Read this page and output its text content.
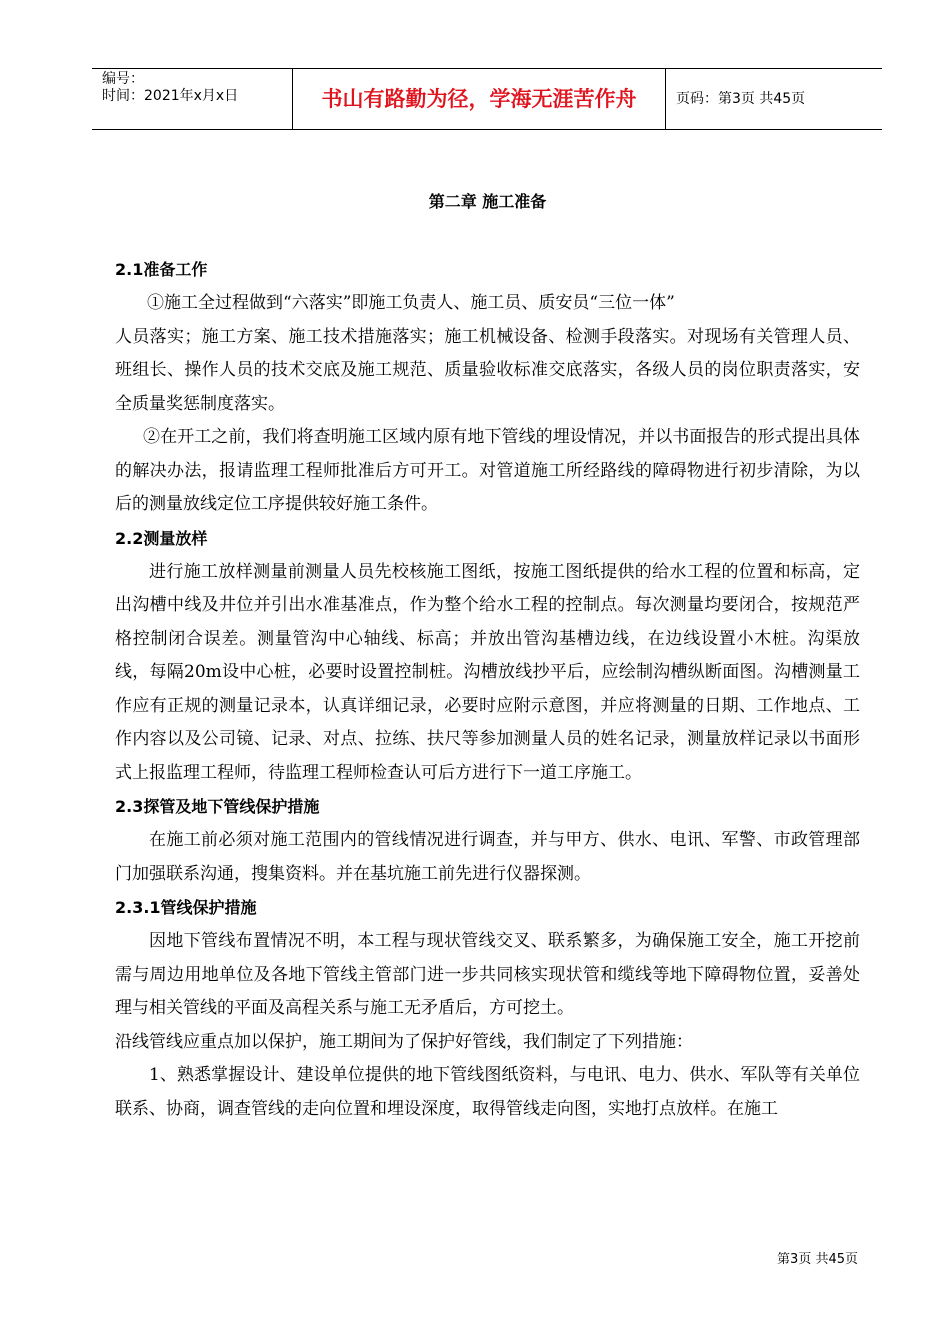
编号：
时间：2021年x月x日	书山有路勤为径，学海无涯苦作舟	页码：第3页 共45页
第二章 施工准备
2.1准备工作
①施工全过程做到“六落实”即施工负责人、施工员、质安员“三位一体”
人员落实；施工方案、施工技术措施落实；施工机械设备、检测手段落实。对现场有关管理人员、班组长、操作人员的技术交底及施工规范、质量验收标准交底落实，各级人员的岗位职责落实，安全质量奖惩制度落实。
②在开工之前，我们将查明施工区域内原有地下管线的埋设情况，并以书面报告的形式提出具体的解决办法，报请监理工程师批准后方可开工。对管道施工所经路线的障碍物进行初步清除，为以后的测量放线定位工序提供较好施工条件。
2.2测量放样
进行施工放样测量前测量人员先校核施工图纸，按施工图纸提供的给水工程的位置和标高，定出沟槽中线及井位并引出水准基准点，作为整个给水工程的控制点。每次测量均要闭合，按规范严格控制闭合误差。测量管沟中心轴线、标高；并放出管沟基槽边线，在边线设置小木桩。沟渠放线，每隔20m设中心桩，必要时设置控制桩。沟槽放线抄平后，应绘制沟槽纵断面图。沟槽测量工作应有正规的测量记录本，认真详细记录，必要时应附示意图，并应将测量的日期、工作地点、工作内容以及公司镜、记录、对点、拉练、扶尺等参加测量人员的姓名记录，测量放样记录以书面形式上报监理工程师，待监理工程师检查认可后方进行下一道工序施工。
2.3探管及地下管线保护措施
在施工前必须对施工范围内的管线情况进行调查，并与甲方、供水、电讯、军警、市政管理部门加强联系沟通，搜集资料。并在基坑施工前先进行仪器探测。
2.3.1管线保护措施
因地下管线布置情况不明，本工程与现状管线交叉、联系繁多，为确保施工安全，施工开挖前需与周边用地单位及各地下管线主管部门进一步共同核实现状管和缆线等地下障碍物位置，妥善处理与相关管线的平面及高程关系与施工无矛盾后，方可挖土。
沿线管线应重点加以保护，施工期间为了保护好管线，我们制定了下列措施：
1、熟悉掌握设计、建设单位提供的地下管线图纸资料，与电讯、电力、供水、军队等有关单位联系、协商，调查管线的走向位置和埋设深度，取得管线走向图，实地打点放样。在施工
第3页 共45页
